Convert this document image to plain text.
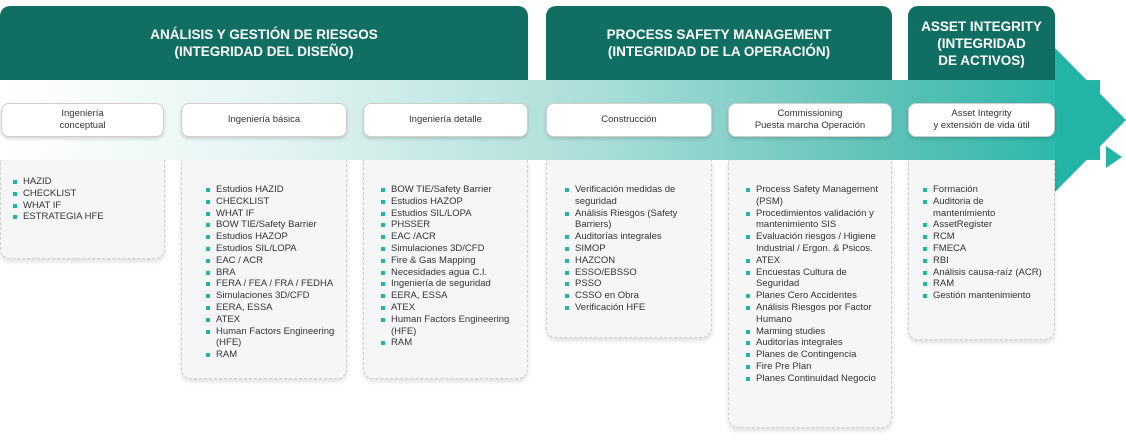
ANÁLISIS Y GESTIÓN DE RIESGOS
(INTEGRIDAD DEL DISEÑO)
PROCESS SAFETY MANAGEMENT
(INTEGRIDAD DE LA OPERACIÓN)
ASSET INTEGRITY
(INTEGRIDAD
DE ACTIVOS)
Ingeniería
conceptual
Ingeniería básica	Ingeniería detalle	Construcción
Commissioning
Puesta marcha Operación
Asset Integrity
y extensión de vida útil
HAZID
CHECKLIST
WHAT IF
ESTRATEGIA HFE
Estudios HAZID
CHECKLIST
WHAT IF
BOW TIE/Safety Barrier
Estudios HAZOP
Estudios SIL/LOPA
EAC / ACR
BRA
FERA / FEA / FRA / FEDHA
Simulaciones 3D/CFD
EERA, ESSA
ATEX
Human Factors Engineering (HFE)
RAM
BOW TIE/Safety Barrier
Estudios HAZOP
Estudios SIL/LOPA
PHSSER
EAC /ACR
Simulaciones 3D/CFD
Fire & Gas Mapping
Necesidades agua C.I.
Ingeniería de seguridad
EERA, ESSA
ATEX
Human Factors Engineering (HFE)
RAM
Verificación medidas de seguridad
Análisis Riesgos (Safety Barriers)
Auditorías integrales
SIMOP
HAZCON
ESSO/EBSSO
PSSO
CSSO en Obra
Verificación HFE
Process Safety Management (PSM)
Procedimientos validación y mantenimiento SIS
Evaluación riesgos / Higiene Industrial / Ergon. & Psicos.
ATEX
Encuestas Cultura de Seguridad
Planes Cero Accidentes
Análisis Riesgos por Factor Humano
Manning studies
Auditorías integrales
Planes de Contingencia
Fire Pre Plan
Planes Continuidad Negocio
Formación
Auditoria de mantenimiento
AssetRegister
RCM
FMECA
RBI
Análisis causa-raíz (ACR)
RAM
Gestión mantenimiento
